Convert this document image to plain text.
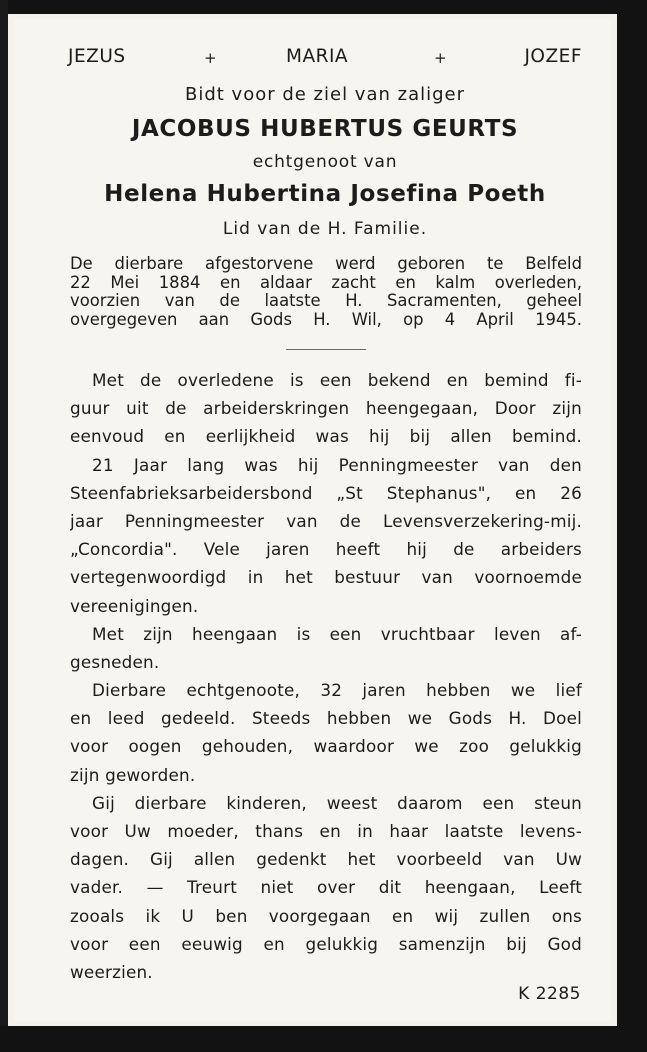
JEZUS	+	MARIA	+	JOZEF
Bidt voor de ziel van zaliger
JACOBUS HUBERTUS GEURTS
echtgenoot van
Helena Hubertina Josefina Poeth
Lid van de H. Familie.
De dierbare afgestorvene werd geboren te Belfeld
22 Mei 1884 en aldaar zacht en kalm overleden,
voorzien van de laatste H. Sacramenten, geheel
overgegeven aan Gods H. Wil, op 4 April 1945.
Met de overledene is een bekend en bemind fi-
guur uit de arbeiderskringen heengegaan, Door zijn
eenvoud en eerlijkheid was hij bij allen bemind.
21 Jaar lang was hij Penningmeester van den
Steenfabrieksarbeidersbond „St Stephanus", en 26
jaar Penningmeester van de Levensverzekering-mij.
„Concordia". Vele jaren heeft hij de arbeiders
vertegenwoordigd in het bestuur van voornoemde
vereenigingen.
Met zijn heengaan is een vruchtbaar leven af-
gesneden.
Dierbare echtgenoote, 32 jaren hebben we lief
en leed gedeeld. Steeds hebben we Gods H. Doel
voor oogen gehouden, waardoor we zoo gelukkig
zijn geworden.
Gij dierbare kinderen, weest daarom een steun
voor Uw moeder, thans en in haar laatste levens-
dagen. Gij allen gedenkt het voorbeeld van Uw
vader. — Treurt niet over dit heengaan, Leeft
zooals ik U ben voorgegaan en wij zullen ons
voor een eeuwig en gelukkig samenzijn bij God
weerzien.
K 2285
